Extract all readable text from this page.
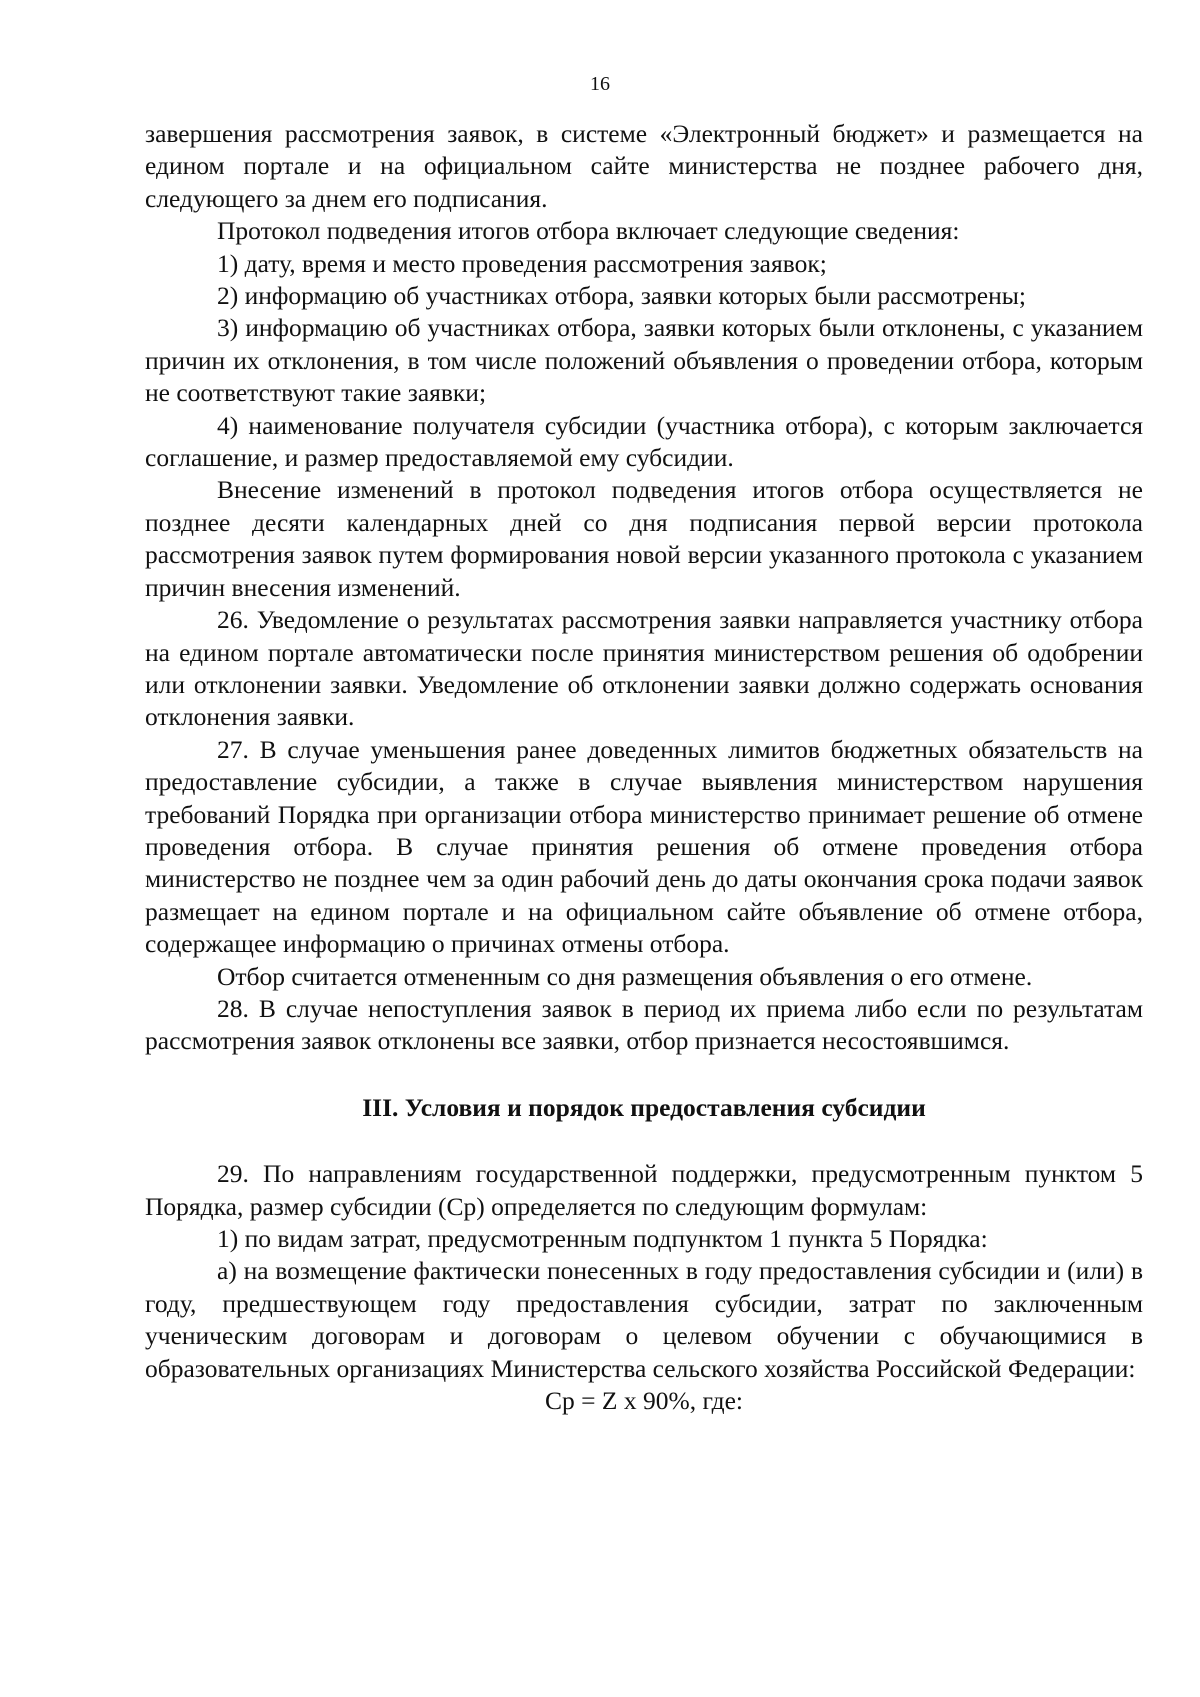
16

завершения рассмотрения заявок, в системе «Электронный бюджет» и размещается на едином портале и на официальном сайте министерства не позднее рабочего дня, следующего за днем его подписания.

Протокол подведения итогов отбора включает следующие сведения:

1) дату, время и место проведения рассмотрения заявок;

2) информацию об участниках отбора, заявки которых были рассмотрены;

3) информацию об участниках отбора, заявки которых были отклонены, с указанием причин их отклонения, в том числе положений объявления о проведении отбора, которым не соответствуют такие заявки;

4) наименование получателя субсидии (участника отбора), с которым заключается соглашение, и размер предоставляемой ему субсидии.

Внесение изменений в протокол подведения итогов отбора осуществляется не позднее десяти календарных дней со дня подписания первой версии протокола рассмотрения заявок путем формирования новой версии указанного протокола с указанием причин внесения изменений.

26. Уведомление о результатах рассмотрения заявки направляется участнику отбора на едином портале автоматически после принятия министерством решения об одобрении или отклонении заявки. Уведомление об отклонении заявки должно содержать основания отклонения заявки.

27. В случае уменьшения ранее доведенных лимитов бюджетных обязательств на предоставление субсидии, а также в случае выявления министерством нарушения требований Порядка при организации отбора министерство принимает решение об отмене проведения отбора. В случае принятия решения об отмене проведения отбора министерство не позднее чем за один рабочий день до даты окончания срока подачи заявок размещает на едином портале и на официальном сайте объявление об отмене отбора, содержащее информацию о причинах отмены отбора.

Отбор считается отмененным со дня размещения объявления о его отмене.

28. В случае непоступления заявок в период их приема либо если по результатам рассмотрения заявок отклонены все заявки, отбор признается несостоявшимся.

III. Условия и порядок предоставления субсидии

29. По направлениям государственной поддержки, предусмотренным пунктом 5 Порядка, размер субсидии (Ср) определяется по следующим формулам:

1) по видам затрат, предусмотренным подпунктом 1 пункта 5 Порядка:

а) на возмещение фактически понесенных в году предоставления субсидии и (или) в году, предшествующем году предоставления субсидии, затрат по заключенным ученическим договорам и договорам о целевом обучении с обучающимися в образовательных организациях Министерства сельского хозяйства Российской Федерации:

Ср = Z x 90%, где:
